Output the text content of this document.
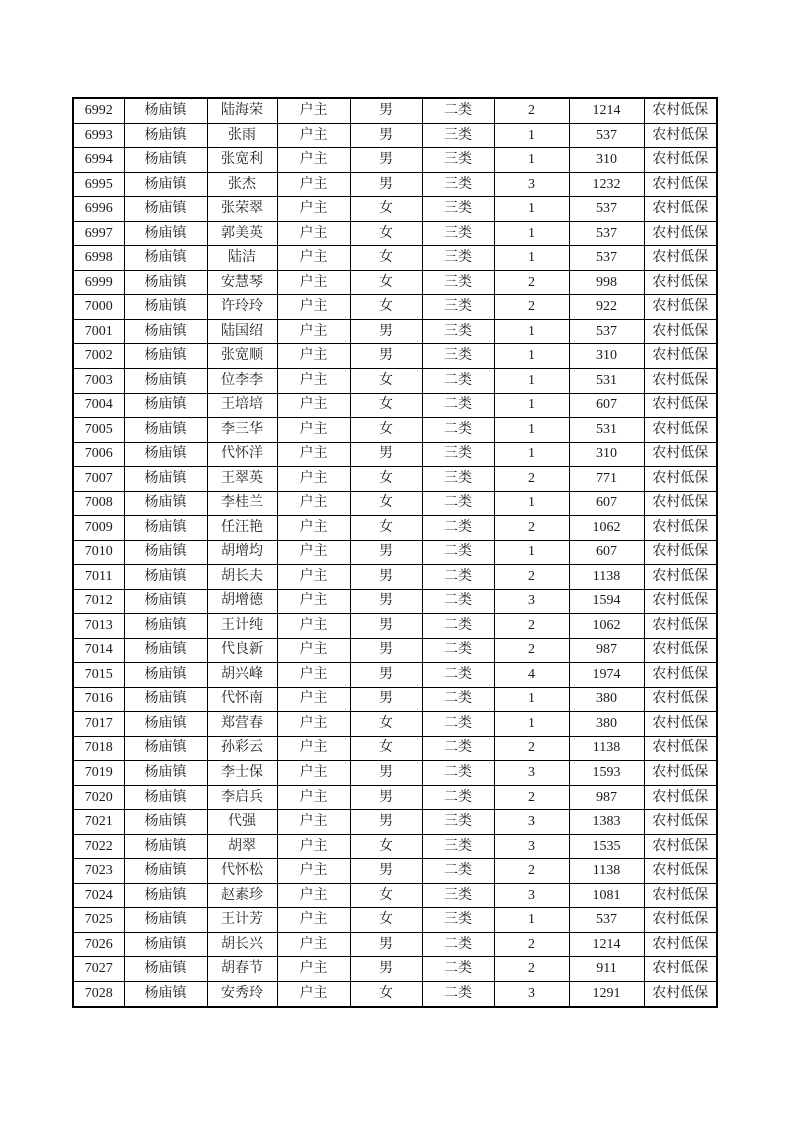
6992	杨庙镇	陆海荣	户主	男	二类	2	1214	农村低保
6993	杨庙镇	张雨	户主	男	三类	1	537	农村低保
6994	杨庙镇	张宽利	户主	男	三类	1	310	农村低保
6995	杨庙镇	张杰	户主	男	三类	3	1232	农村低保
6996	杨庙镇	张荣翠	户主	女	三类	1	537	农村低保
6997	杨庙镇	郭美英	户主	女	三类	1	537	农村低保
6998	杨庙镇	陆洁	户主	女	三类	1	537	农村低保
6999	杨庙镇	安慧琴	户主	女	三类	2	998	农村低保
7000	杨庙镇	许玲玲	户主	女	三类	2	922	农村低保
7001	杨庙镇	陆国绍	户主	男	三类	1	537	农村低保
7002	杨庙镇	张宽顺	户主	男	三类	1	310	农村低保
7003	杨庙镇	位李李	户主	女	二类	1	531	农村低保
7004	杨庙镇	王培培	户主	女	二类	1	607	农村低保
7005	杨庙镇	李三华	户主	女	二类	1	531	农村低保
7006	杨庙镇	代怀洋	户主	男	三类	1	310	农村低保
7007	杨庙镇	王翠英	户主	女	三类	2	771	农村低保
7008	杨庙镇	李桂兰	户主	女	二类	1	607	农村低保
7009	杨庙镇	任汪艳	户主	女	二类	2	1062	农村低保
7010	杨庙镇	胡增均	户主	男	二类	1	607	农村低保
7011	杨庙镇	胡长夫	户主	男	二类	2	1138	农村低保
7012	杨庙镇	胡增德	户主	男	二类	3	1594	农村低保
7013	杨庙镇	王计纯	户主	男	二类	2	1062	农村低保
7014	杨庙镇	代良新	户主	男	二类	2	987	农村低保
7015	杨庙镇	胡兴峰	户主	男	二类	4	1974	农村低保
7016	杨庙镇	代怀南	户主	男	二类	1	380	农村低保
7017	杨庙镇	郑营春	户主	女	二类	1	380	农村低保
7018	杨庙镇	孙彩云	户主	女	二类	2	1138	农村低保
7019	杨庙镇	李士保	户主	男	二类	3	1593	农村低保
7020	杨庙镇	李启兵	户主	男	二类	2	987	农村低保
7021	杨庙镇	代强	户主	男	三类	3	1383	农村低保
7022	杨庙镇	胡翠	户主	女	三类	3	1535	农村低保
7023	杨庙镇	代怀松	户主	男	二类	2	1138	农村低保
7024	杨庙镇	赵素珍	户主	女	三类	3	1081	农村低保
7025	杨庙镇	王计芳	户主	女	三类	1	537	农村低保
7026	杨庙镇	胡长兴	户主	男	二类	2	1214	农村低保
7027	杨庙镇	胡春节	户主	男	二类	2	911	农村低保
7028	杨庙镇	安秀玲	户主	女	二类	3	1291	农村低保
